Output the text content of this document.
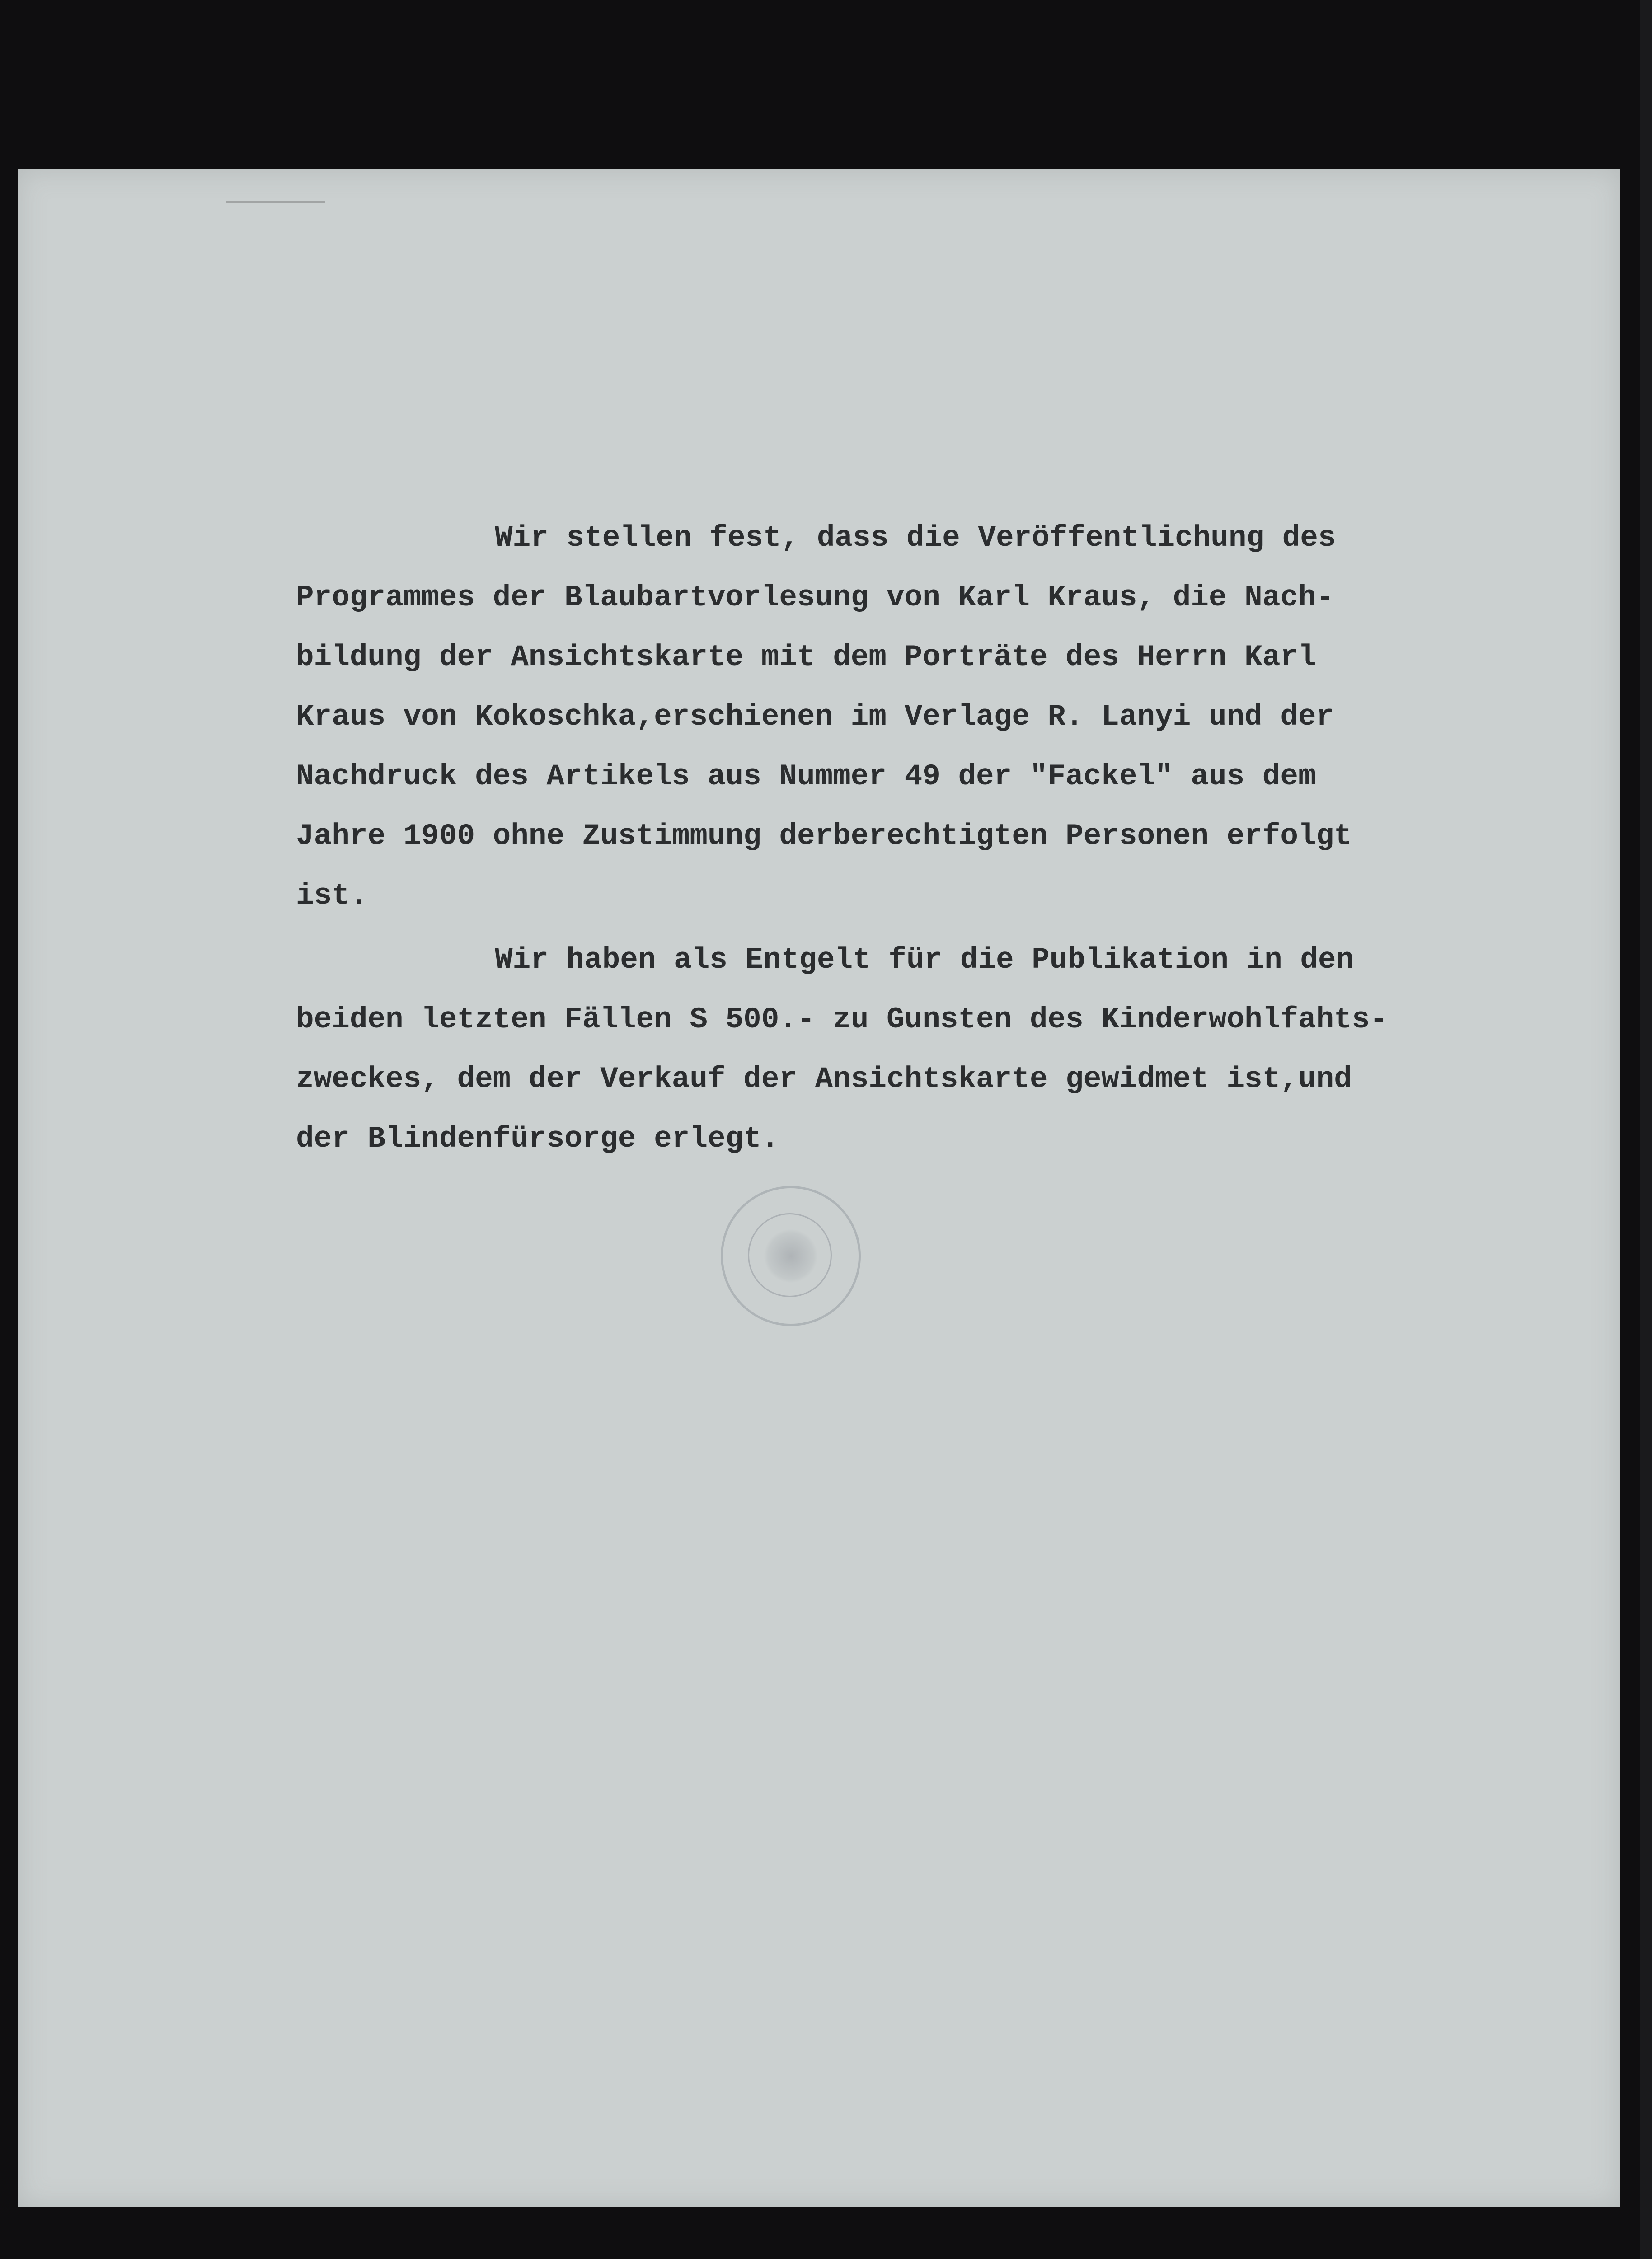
Wir stellen fest, dass die Veröffentlichung des
Programmes der Blaubartvorlesung von Karl Kraus, die Nach-
bildung der Ansichtskarte mit dem Porträte des Herrn Karl
Kraus von Kokoschka,erschienen im Verlage R. Lanyi und der
Nachdruck des Artikels aus Nummer 49 der "Fackel" aus dem
Jahre 1900 ohne Zustimmung derberechtigten Personen erfolgt
ist.
Wir haben als Entgelt für die Publikation in den
beiden letzten Fällen S 500.- zu Gunsten des Kinderwohlfahts-
zweckes, dem der Verkauf der Ansichtskarte gewidmet ist,und
der Blindenfürsorge erlegt.
